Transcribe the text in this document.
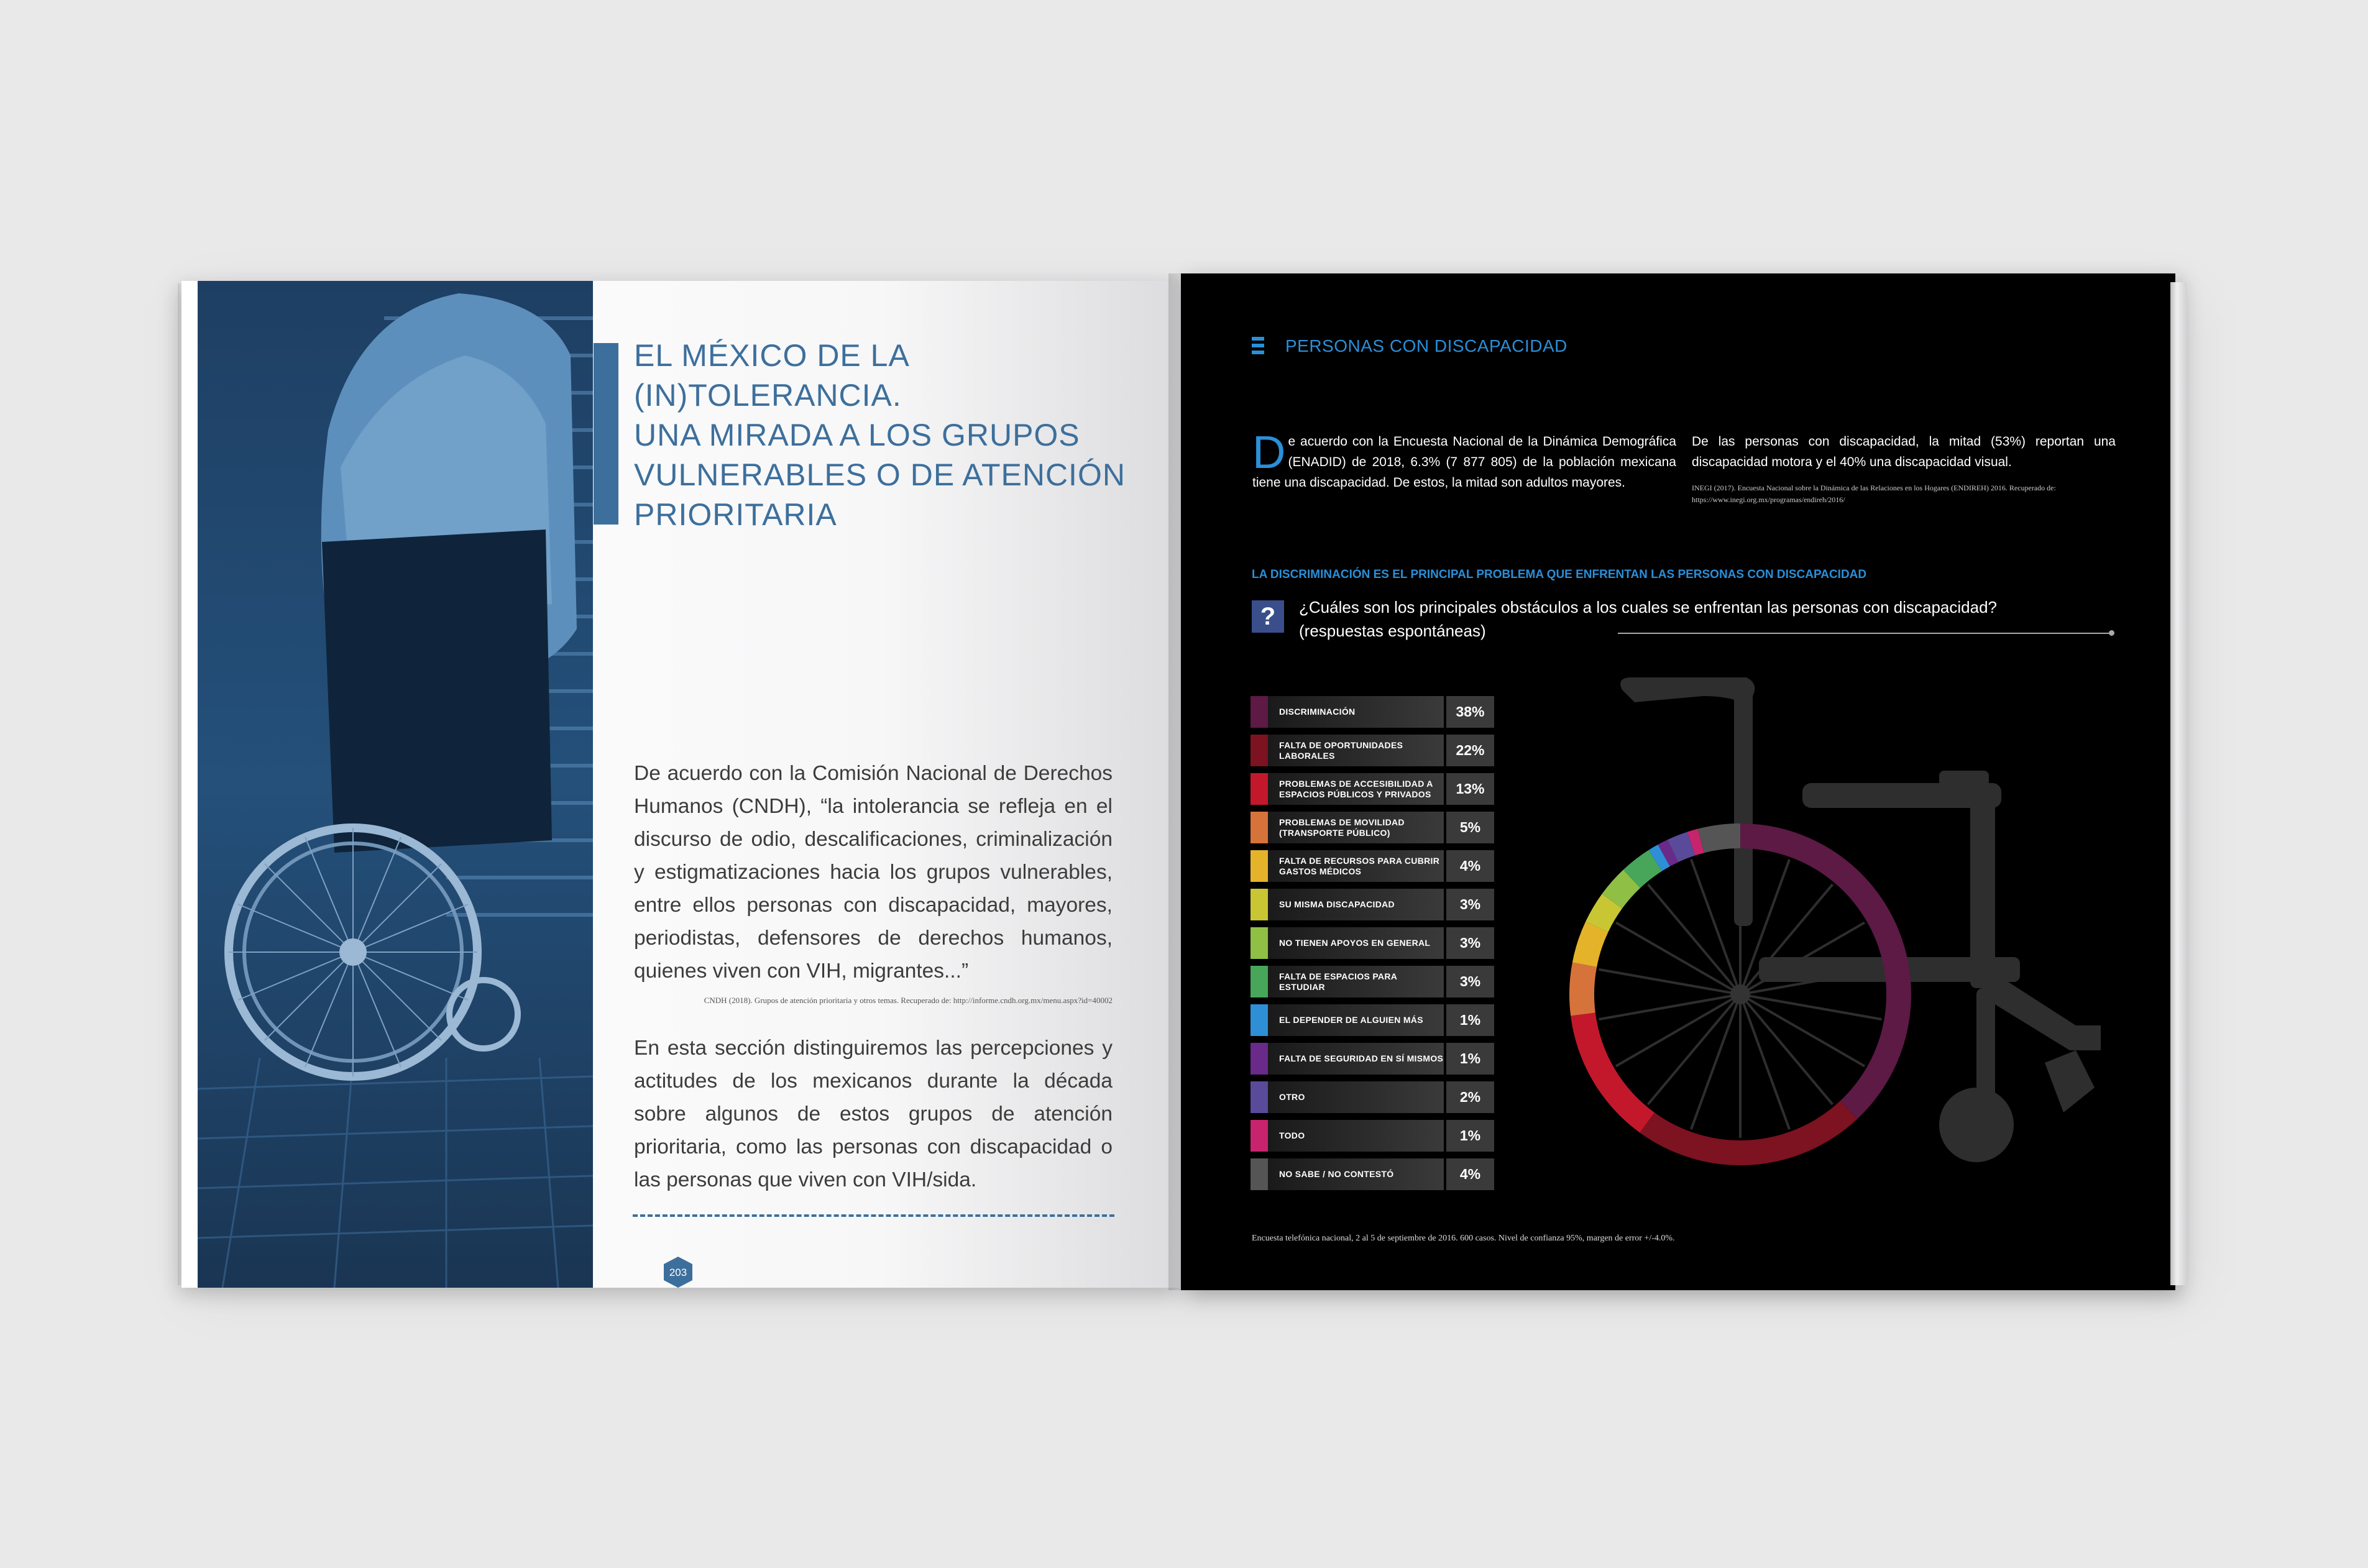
EL MÉXICO DE LA
(IN)TOLERANCIA.
UNA MIRADA A LOS GRUPOS
VULNERABLES O DE ATENCIÓN
PRIORITARIA
De acuerdo con la Comisión Nacional de Derechos Humanos (CNDH), “la intolerancia se refleja en el discurso de odio, descalificaciones, criminalización y estigmatizaciones hacia los grupos vulnerables, entre ellos personas con discapacidad, mayores, periodistas, defensores de derechos humanos, quienes viven con VIH, migrantes...”
CNDH (2018). Grupos de atención prioritaria y otros temas. Recuperado de: http://informe.cndh.org.mx/menu.aspx?id=40002
En esta sección distinguiremos las percepciones y actitudes de los mexicanos durante la década sobre algunos de estos grupos de atención prioritaria, como las personas con discapacidad o las personas que viven con VIH/sida.
203
PERSONAS CON DISCAPACIDAD
De acuerdo con la Encuesta Nacional de la Dinámica Demográfica (ENADID) de 2018, 6.3% (7 877 805) de la población mexicana tiene una discapacidad. De estos, la mitad son adultos mayores.
De las personas con discapacidad, la mitad (53%) reportan una discapacidad motora y el 40% una discapacidad visual.
INEGI (2017). Encuesta Nacional sobre la Dinámica de las Relaciones en los Hogares (ENDIREH) 2016. Recuperado de: https://www.inegi.org.mx/programas/endireh/2016/
LA DISCRIMINACIÓN ES EL PRINCIPAL PROBLEMA QUE ENFRENTAN LAS PERSONAS CON DISCAPACIDAD
?	¿Cuáles son los principales obstáculos a los cuales se enfrentan las personas con discapacidad? (respuestas espontáneas)
DISCRIMINACIÓN	38%
FALTA DE OPORTUNIDADES LABORALES	22%
PROBLEMAS DE ACCESIBILIDAD A ESPACIOS PÚBLICOS Y PRIVADOS	13%
PROBLEMAS DE MOVILIDAD (TRANSPORTE PÚBLICO)	5%
FALTA DE RECURSOS PARA CUBRIR GASTOS MÉDICOS	4%
SU MISMA DISCAPACIDAD	3%
NO TIENEN APOYOS EN GENERAL	3%
FALTA DE ESPACIOS PARA ESTUDIAR	3%
EL DEPENDER DE ALGUIEN MÁS	1%
FALTA DE SEGURIDAD EN SÍ MISMOS	1%
OTRO	2%
TODO	1%
NO SABE / NO CONTESTÓ	4%
Encuesta telefónica nacional, 2 al 5 de septiembre de 2016. 600 casos. Nivel de confianza 95%, margen de error +/-4.0%.
